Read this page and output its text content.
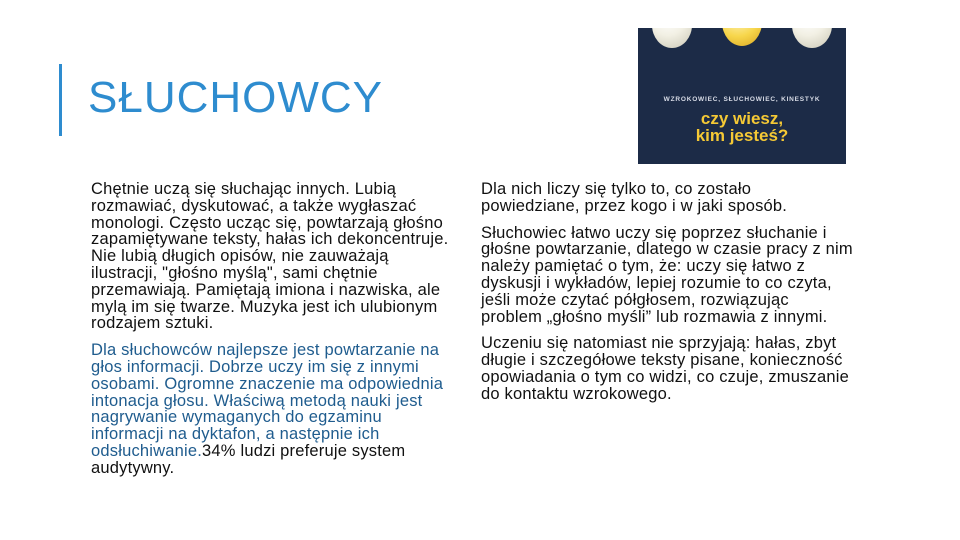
SŁUCHOWCY	WZROKOWIEC, SŁUCHOWIEC, KINESTYK
czy wiesz,
kim jesteś?

Chętnie uczą się słuchając innych. Lubią rozmawiać, dyskutować, a także wygłaszać monologi. Często ucząc się, powtarzają głośno zapamiętywane teksty, hałas ich dekoncentruje. Nie lubią długich opisów, nie zauważają ilustracji, "głośno myślą", sami chętnie przemawiają. Pamiętają imiona i nazwiska, ale mylą im się twarze. Muzyka jest ich ulubionym rodzajem sztuki.

Dla słuchowców najlepsze jest powtarzanie na głos informacji. Dobrze uczy im się z innymi osobami. Ogromne znaczenie ma odpowiednia intonacja głosu. Właściwą metodą nauki jest nagrywanie wymaganych do egzaminu informacji na dyktafon, a następnie ich odsłuchiwanie.34% ludzi preferuje system audytywny.

Dla nich liczy się tylko to, co zostało powiedziane, przez kogo i w jaki sposób.

Słuchowiec łatwo uczy się poprzez słuchanie i głośne powtarzanie, dlatego w czasie pracy z nim należy pamiętać o tym, że: uczy się łatwo z dyskusji i wykładów, lepiej rozumie to co czyta, jeśli może czytać półgłosem, rozwiązując problem „głośno myśli” lub rozmawia z innymi.

Uczeniu się natomiast nie sprzyjają: hałas, zbyt długie i szczegółowe teksty pisane, konieczność opowiadania o tym co widzi, co czuje, zmuszanie do kontaktu wzrokowego.
